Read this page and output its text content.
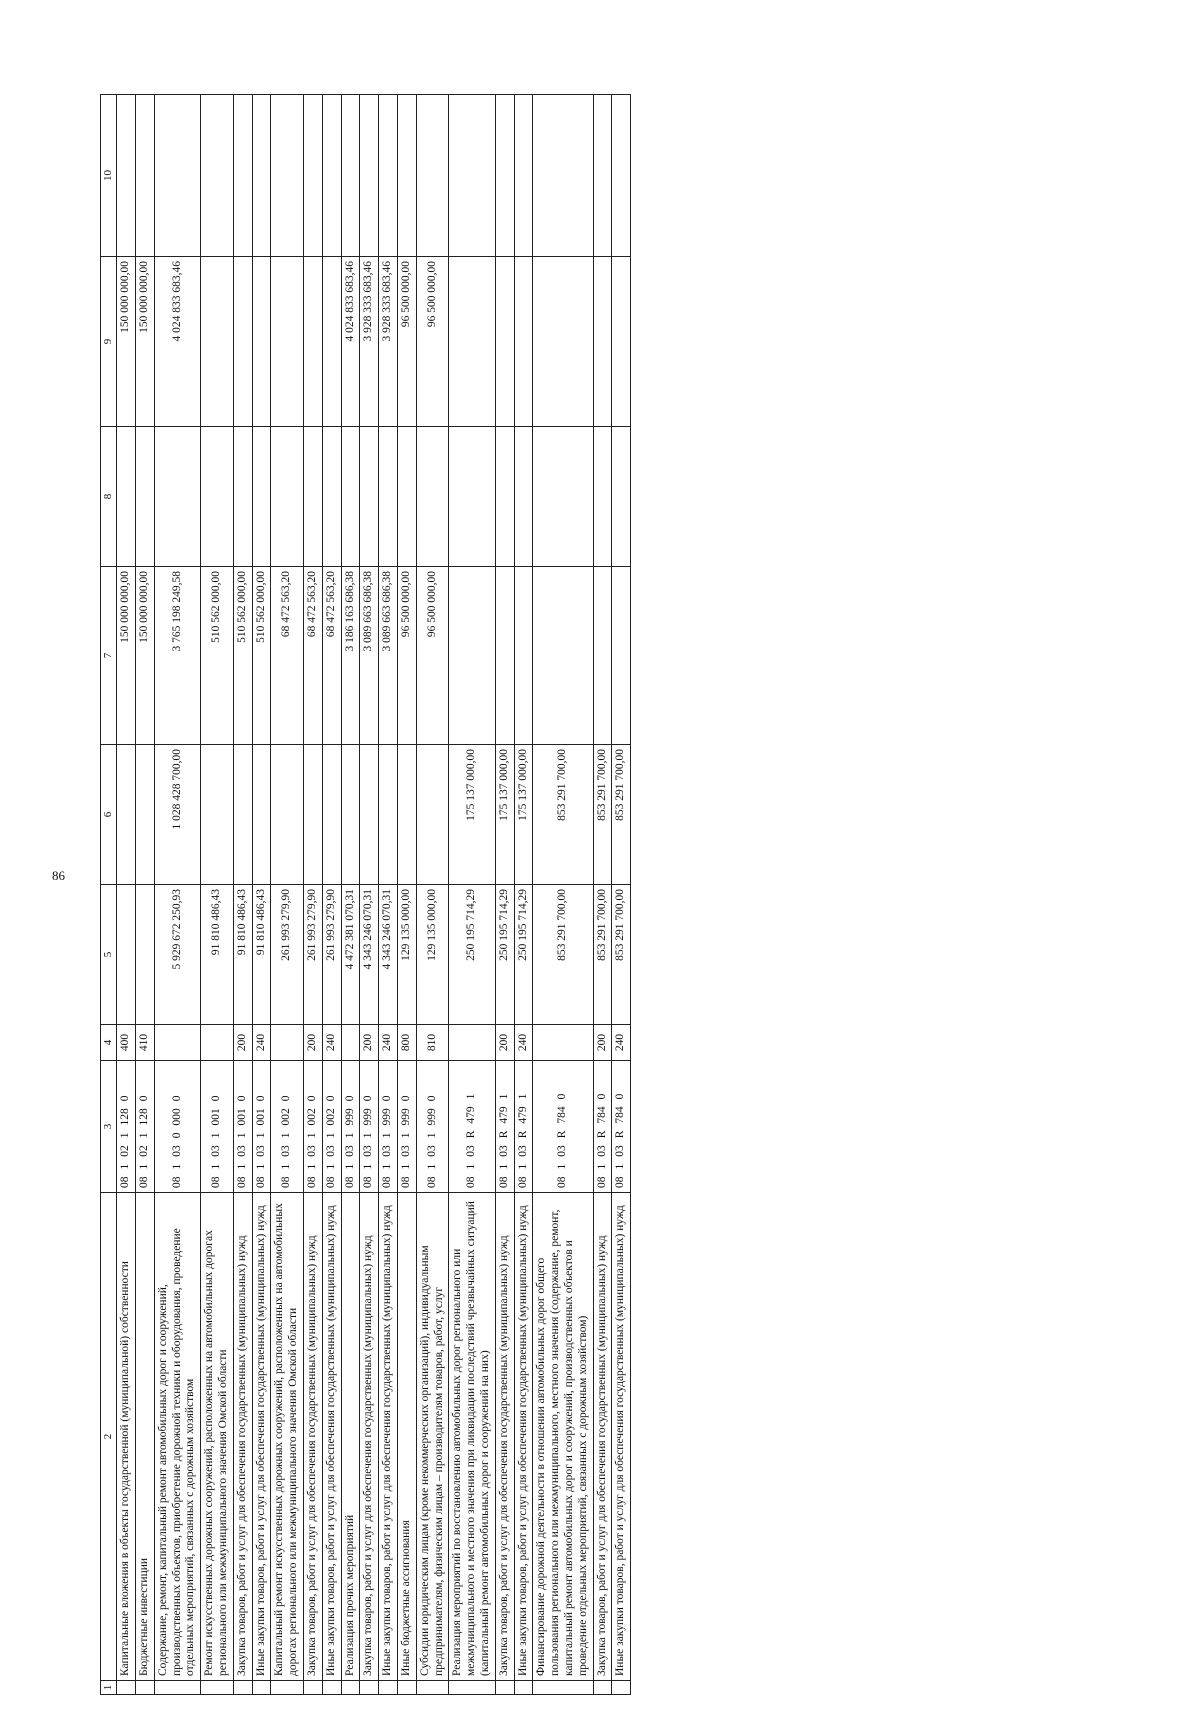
86
1	2	3	4	5	6	7	8	9	10
	Капитальные вложения в объекты государственной (муниципальной) собственности	0810211280	400			150 000 000,00		150 000 000,00	
	Бюджетные инвестиции	0810211280	410			150 000 000,00		150 000 000,00	
	Содержание, ремонт, капитальный ремонт автомобильных дорог и сооружений, производственных объектов, приобретение дорожной техники и оборудования, проведение отдельных мероприятий, связанных с дорожным хозяйством	0810300000		5 929 672 250,93	1 028 428 700,00	3 765 198 249,58		4 024 833 683,46	
	Ремонт искусственных дорожных сооружений, расположенных на автомобильных дорогах регионального или межмуниципального значения Омской области	0810310010		91 810 486,43		510 562 000,00			
	Закупка товаров, работ и услуг для обеспечения государственных (муниципальных) нужд	0810310010	200	91 810 486,43		510 562 000,00			
	Иные закупки товаров, работ и услуг для обеспечения государственных (муниципальных) нужд	0810310010	240	91 810 486,43		510 562 000,00			
	Капитальный ремонт искусственных дорожных сооружений, расположенных на автомобильных дорогах регионального или межмуниципального значения Омской области	0810310020		261 993 279,90		68 472 563,20			
	Закупка товаров, работ и услуг для обеспечения государственных (муниципальных) нужд	0810310020	200	261 993 279,90		68 472 563,20			
	Иные закупки товаров, работ и услуг для обеспечения государственных (муниципальных) нужд	0810310020	240	261 993 279,90		68 472 563,20			
	Реализация прочих мероприятий	0810319990		4 472 381 070,31		3 186 163 686,38		4 024 833 683,46	
	Закупка товаров, работ и услуг для обеспечения государственных (муниципальных) нужд	0810319990	200	4 343 246 070,31		3 089 663 686,38		3 928 333 683,46	
	Иные закупки товаров, работ и услуг для обеспечения государственных (муниципальных) нужд	0810319990	240	4 343 246 070,31		3 089 663 686,38		3 928 333 683,46	
	Иные бюджетные ассигнования	0810319990	800	129 135 000,00		96 500 000,00		96 500 000,00	
	Субсидии юридическим лицам (кроме некоммерческих организаций), индивидуальным предпринимателям, физическим лицам – производителям товаров, работ, услуг	0810319990	810	129 135 000,00		96 500 000,00		96 500 000,00	
	Реализация мероприятий по восстановлению автомобильных дорог регионального или межмуниципального и местного значения при ликвидации последствий чрезвычайных ситуаций (капитальный ремонт автомобильных дорог и сооружений на них)	08103R4791		250 195 714,29	175 137 000,00				
	Закупка товаров, работ и услуг для обеспечения государственных (муниципальных) нужд	08103R4791	200	250 195 714,29	175 137 000,00				
	Иные закупки товаров, работ и услуг для обеспечения государственных (муниципальных) нужд	08103R4791	240	250 195 714,29	175 137 000,00				
	Финансирование дорожной деятельности в отношении автомобильных дорог общего пользования регионального или межмуниципального, местного значения (содержание, ремонт, капитальный ремонт автомобильных дорог и сооружений, производственных объектов и проведение отдельных мероприятий, связанных с дорожным хозяйством)	08103R7840		853 291 700,00	853 291 700,00				
	Закупка товаров, работ и услуг для обеспечения государственных (муниципальных) нужд	08103R7840	200	853 291 700,00	853 291 700,00				
	Иные закупки товаров, работ и услуг для обеспечения государственных (муниципальных) нужд	08103R7840	240	853 291 700,00	853 291 700,00				
